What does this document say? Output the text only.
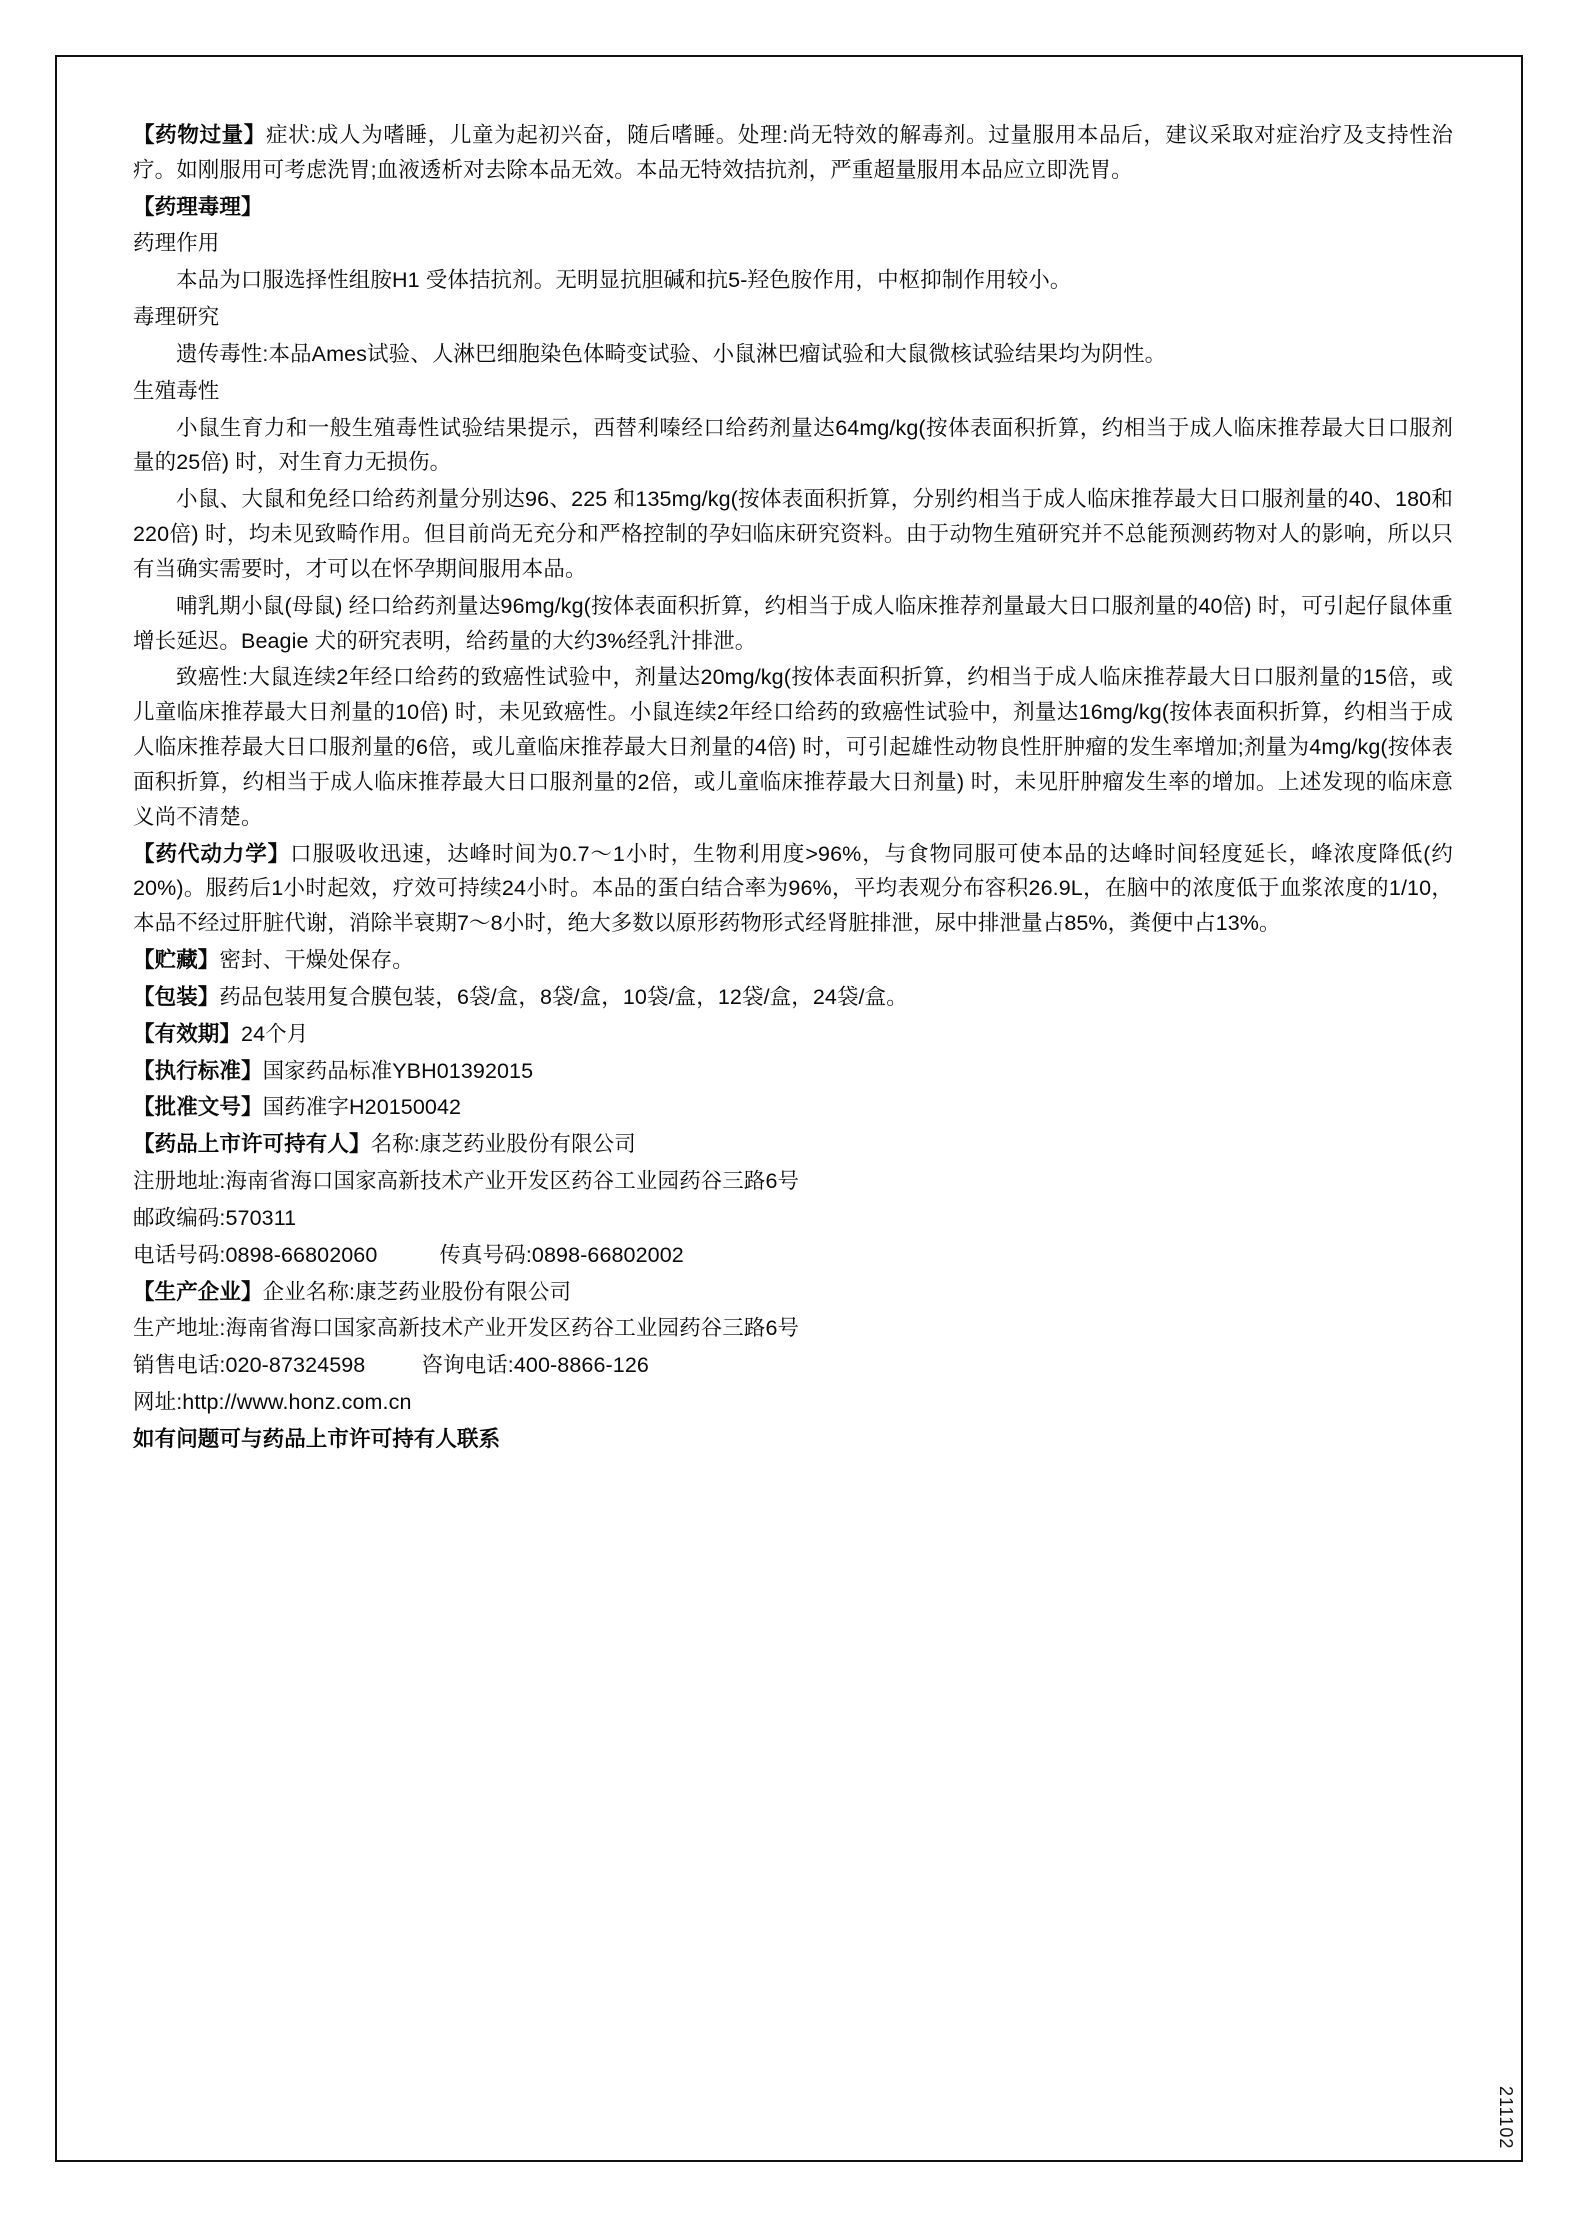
【药物过量】症状:成人为嗜睡，儿童为起初兴奋，随后嗜睡。处理:尚无特效的解毒剂。过量服用本品后，建议采取对症治疗及支持性治疗。如刚服用可考虑洗胃;血液透析对去除本品无效。本品无特效拮抗剂，严重超量服用本品应立即洗胃。

【药理毒理】

药理作用

本品为口服选择性组胺H1 受体拮抗剂。无明显抗胆碱和抗5-羟色胺作用，中枢抑制作用较小。

毒理研究

遗传毒性:本品Ames试验、人淋巴细胞染色体畸变试验、小鼠淋巴瘤试验和大鼠微核试验结果均为阴性。

生殖毒性

小鼠生育力和一般生殖毒性试验结果提示，西替利嗪经口给药剂量达64mg/kg(按体表面积折算，约相当于成人临床推荐最大日口服剂量的25倍) 时，对生育力无损伤。

小鼠、大鼠和免经口给药剂量分别达96、225 和135mg/kg(按体表面积折算，分别约相当于成人临床推荐最大日口服剂量的40、180和220倍) 时，均未见致畸作用。但目前尚无充分和严格控制的孕妇临床研究资料。由于动物生殖研究并不总能预测药物对人的影响，所以只有当确实需要时，才可以在怀孕期间服用本品。

哺乳期小鼠(母鼠) 经口给药剂量达96mg/kg(按体表面积折算，约相当于成人临床推荐剂量最大日口服剂量的40倍) 时，可引起仔鼠体重增长延迟。Beagie 犬的研究表明，给药量的大约3%经乳汁排泄。

致癌性:大鼠连续2年经口给药的致癌性试验中，剂量达20mg/kg(按体表面积折算，约相当于成人临床推荐最大日口服剂量的15倍，或儿童临床推荐最大日剂量的10倍) 时，未见致癌性。小鼠连续2年经口给药的致癌性试验中，剂量达16mg/kg(按体表面积折算，约相当于成人临床推荐最大日口服剂量的6倍，或儿童临床推荐最大日剂量的4倍) 时，可引起雄性动物良性肝肿瘤的发生率增加;剂量为4mg/kg(按体表面积折算，约相当于成人临床推荐最大日口服剂量的2倍，或儿童临床推荐最大日剂量) 时，未见肝肿瘤发生率的增加。上述发现的临床意义尚不清楚。

【药代动力学】口服吸收迅速，达峰时间为0.7～1小时，生物利用度>96%，与食物同服可使本品的达峰时间轻度延长，峰浓度降低(约20%)。服药后1小时起效，疗效可持续24小时。本品的蛋白结合率为96%，平均表观分布容积26.9L，在脑中的浓度低于血浆浓度的1/10，本品不经过肝脏代谢，消除半衰期7～8小时，绝大多数以原形药物形式经肾脏排泄，尿中排泄量占85%，粪便中占13%。

【贮藏】密封、干燥处保存。

【包装】药品包装用复合膜包装，6袋/盒，8袋/盒，10袋/盒，12袋/盒，24袋/盒。

【有效期】24个月

【执行标准】国家药品标准YBH01392015

【批准文号】国药准字H20150042

【药品上市许可持有人】名称:康芝药业股份有限公司

注册地址:海南省海口国家高新技术产业开发区药谷工业园药谷三路6号

邮政编码:570311

电话号码:0898-66802060	传真号码:0898-66802002

【生产企业】企业名称:康芝药业股份有限公司

生产地址:海南省海口国家高新技术产业开发区药谷工业园药谷三路6号

销售电话:020-87324598	咨询电话:400-8866-126

网址:http://www.honz.com.cn

如有问题可与药品上市许可持有人联系

211102
